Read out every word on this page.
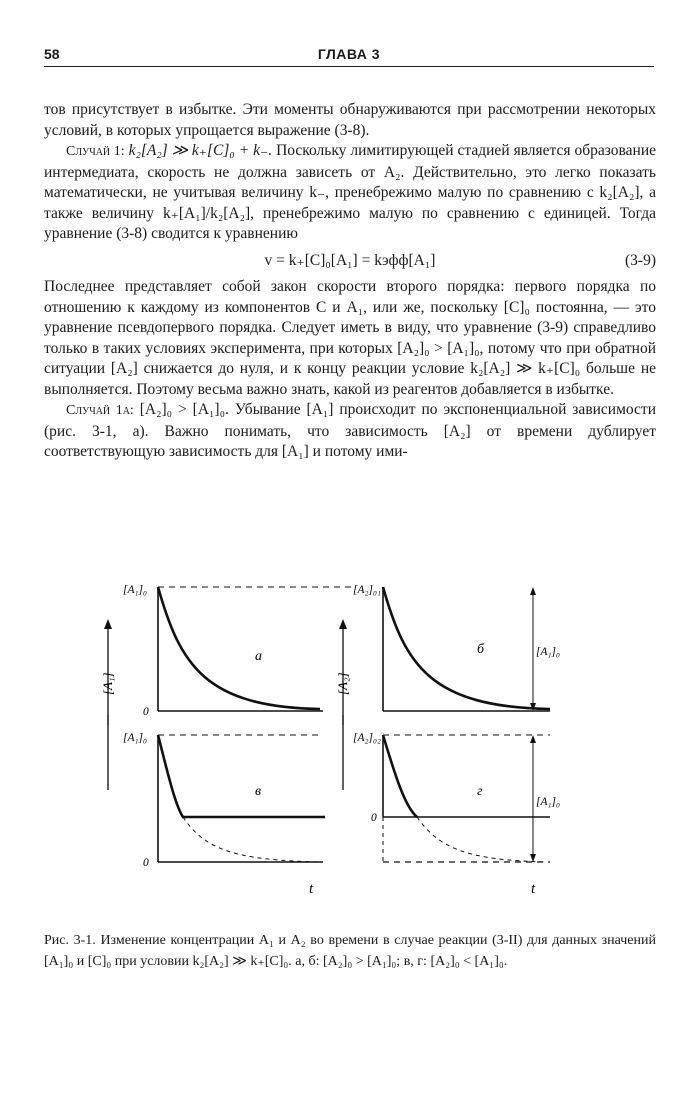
58	ГЛАВА 3

тов присутствует в избытке. Эти моменты обнаруживаются при рассмотрении некоторых условий, в которых упрощается выражение (3-8).

Случай 1: k₂[A₂] ≫ k₊[C]₀ + k₋. Поскольку лимитирующей стадией является образование интермедиата, скорость не должна зависеть от A₂. Действительно, это легко показать математически, не учитывая величину k₋, пренебрежимо малую по сравнению с k₂[A₂], а также величину k₊[A₁]/k₂[A₂], пренебрежимо малую по сравнению с единицей. Тогда уравнение (3-8) сводится к уравнению

v = k₊[C]₀[A₁] = kэфф[A₁]	(3-9)

Последнее представляет собой закон скорости второго порядка: первого порядка по отношению к каждому из компонентов C и A₁, или же, поскольку [C]₀ постоянна, — это уравнение псевдопервого порядка. Следует иметь в виду, что уравнение (3-9) справедливо только в таких условиях эксперимента, при которых [A₂]₀ > [A₁]₀, потому что при обратной ситуации [A₂] снижается до нуля, и к концу реакции условие k₂[A₂] ≫ k₊[C]₀ больше не выполняется. Поэтому весьма важно знать, какой из реагентов добавляется в избытке.

Случай 1а: [A₂]₀ > [A₁]₀. Убывание [A₁] происходит по экспоненциальной зависимости (рис. 3-1, a). Важно понимать, что зависимость [A₂] от времени дублирует соответствующую зависимость для [A₁] и потому ими-

[A₁]	[A₂]
[A₁]₀
0
a
[A₂]₀₁
б	[A₁]₀
[A₁]₀
0
в
[A₂]₀₂
0
г
[A₁]₀
t	t
Рис. 3-1. Изменение концентрации A₁ и A₂ во времени в случае реакции (3-II) для данных значений [A₁]₀ и [C]₀ при условии k₂[A₂] ≫ k₊[C]₀. a, б: [A₂]₀ > [A₁]₀; в, г: [A₂]₀ < [A₁]₀.
